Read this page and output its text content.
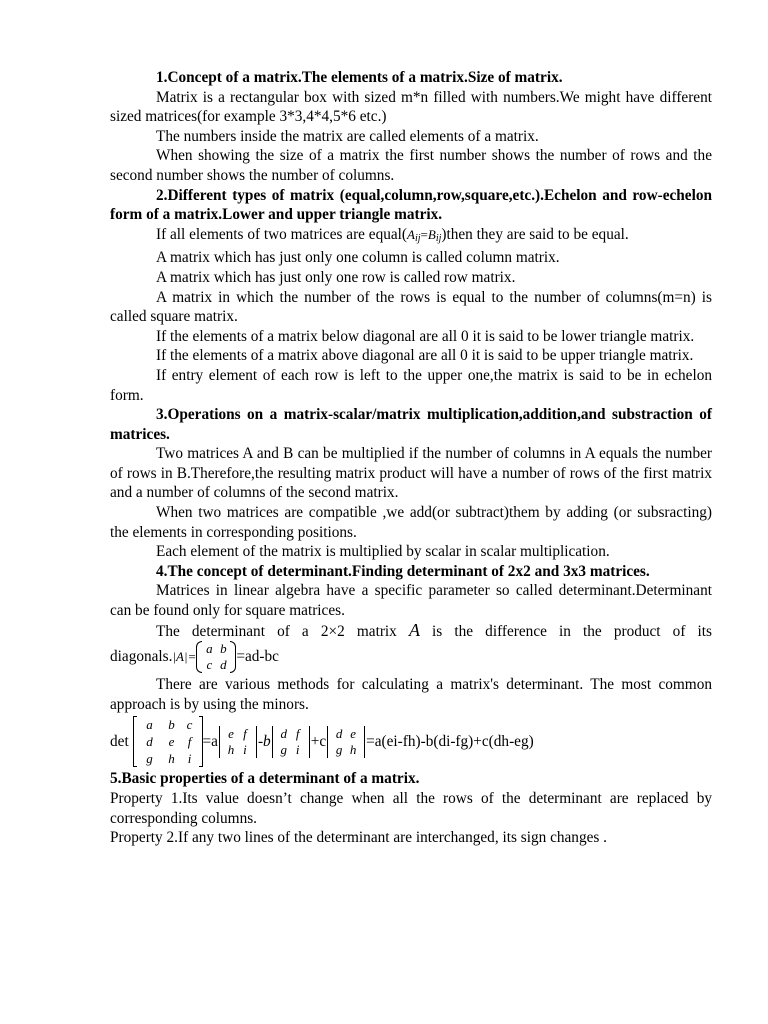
1.Concept of a matrix.The elements of a matrix.Size of matrix.

Matrix is a rectangular box with sized m*n filled with numbers.We might have different sized matrices(for example 3*3,4*4,5*6 etc.)

The numbers inside the matrix are called elements of a matrix.

When showing the size of a matrix the first number shows the number of rows and the second number shows the number of columns.

2.Different types of matrix (equal,column,row,square,etc.).Echelon and row-echelon form of a matrix.Lower and upper triangle matrix.

If all elements of two matrices are $equal(A_{ij}=B_{ij})then$ they are said to be equal.

A matrix which has just only one column is called column matrix.

A matrix which has just only one row is called row matrix.

A matrix in which the number of the rows is equal to the number of columns(m=n) is called square matrix.

If the elements of a matrix below diagonal are all 0 it is said to be lower triangle matrix.

If the elements of a matrix above diagonal are all 0 it is said to be upper triangle matrix.

If entry element of each row is left to the upper one,the matrix is said to be in echelon form.

3.Operations on a matrix-scalar/matrix multiplication,addition,and substraction of matrices.

Two matrices A and B can be multiplied if the number of columns in A equals the number of rows in B.Therefore,the resulting matrix product will have a number of rows of the first matrix and a number of columns of the second matrix.

When two matrices are compatible ,we add(or subtract)them by adding (or subsracting) the elements in corresponding positions.

Each element of the matrix is multiplied by scalar in scalar multiplication.

4.The concept of determinant.Finding determinant of 2x2 and 3x3 matrices.

Matrices in linear algebra have a specific parameter so called determinant.Determinant can be found only for square matrices.

The determinant of a 2×2 matrix A is the difference in the product of its

diagonals.|A|=
a b
c d =ad-bc

There are various methods for calculating a matrix's determinant. The most common approach is by using the minors.

det
a b c
d e f
g h i
=a e f
h i -b d f
g i +c d e
g h =a(ei-fh)-b(di-fg)+c(dh-eg)

5.Basic properties of a determinant of a matrix.

Property 1.Its value doesn’t change when all the rows of the determinant are replaced by corresponding columns.

Property 2.If any two lines of the determinant are interchanged, its sign changes .
